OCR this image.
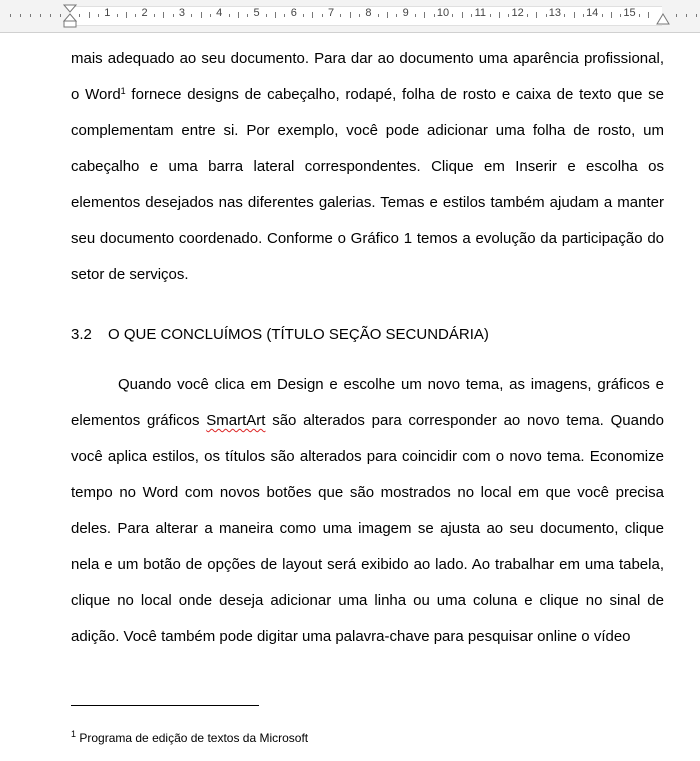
1	2	3	4	5	6	7	8	9	10 11 12 13 14 15

mais adequado ao seu documento. Para dar ao documento uma aparência profissional, o Word$^1$ fornece designs de cabeçalho, rodapé, folha de rosto e caixa de texto que se complementam entre si. Por exemplo, você pode adicionar uma folha de rosto, um cabeçalho e uma barra lateral correspondentes. Clique em Inserir e escolha os elementos desejados nas diferentes galerias. Temas e estilos também ajudam a manter seu documento coordenado. Conforme o Gráfico 1 temos a evolução da participação do setor de serviços.

3.2 O QUE CONCLUÍMOS (TÍTULO SEÇÃO SECUNDÁRIA)

Quando você clica em Design e escolhe um novo tema, as imagens, gráficos e elementos gráficos SmartArt são alterados para corresponder ao novo tema. Quando você aplica estilos, os títulos são alterados para coincidir com o novo tema. Economize tempo no Word com novos botões que são mostrados no local em que você precisa deles. Para alterar a maneira como uma imagem se ajusta ao seu documento, clique nela e um botão de opções de layout será exibido ao lado. Ao trabalhar em uma tabela, clique no local onde deseja adicionar uma linha ou uma coluna e clique no sinal de adição. Você também pode digitar uma palavra-chave para pesquisar online o vídeo

$^1$ Programa de edição de textos da Microsoft
